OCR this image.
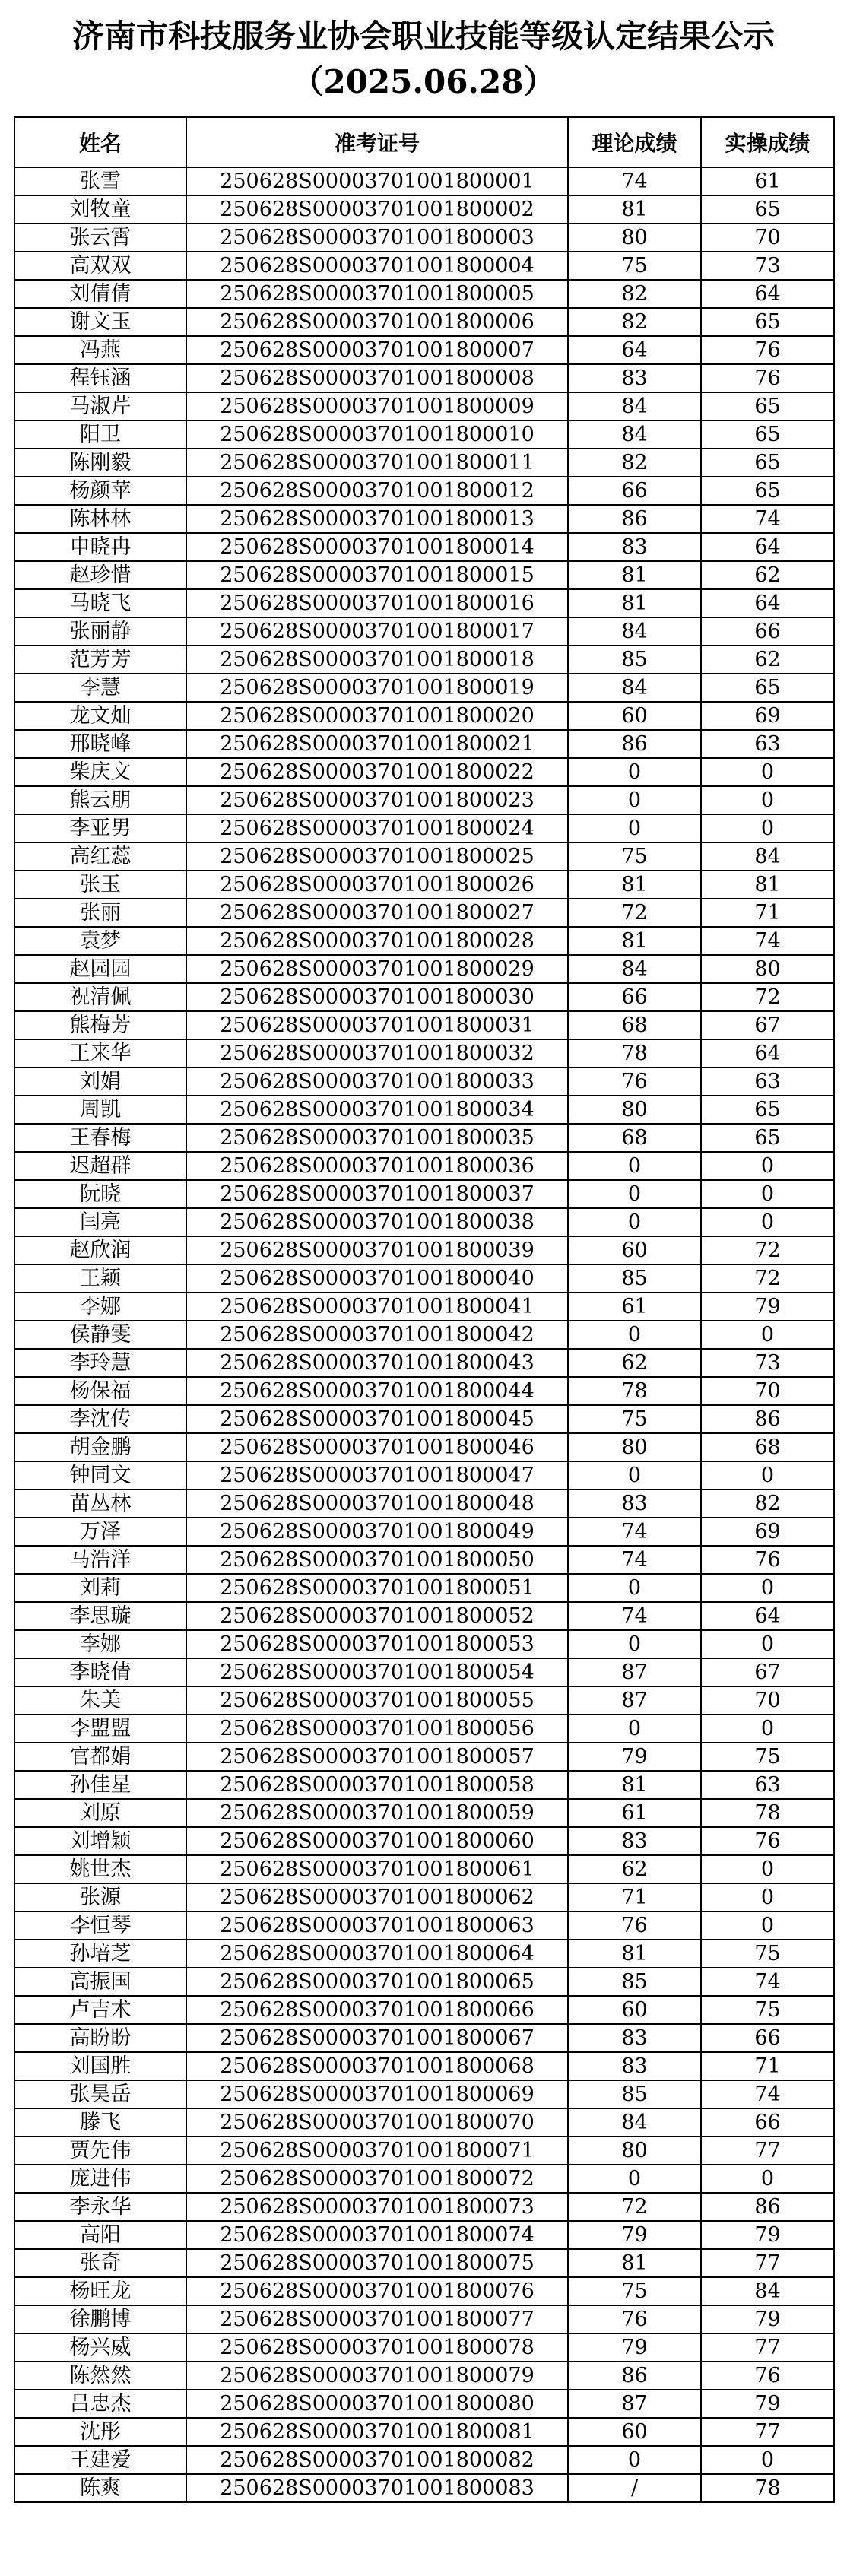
济南市科技服务业协会职业技能等级认定结果公示
（2025.06.28）
姓名	准考证号	理论成绩	实操成绩
张雪	250628S00003701001800001	74	61
刘牧童	250628S00003701001800002	81	65
张云霄	250628S00003701001800003	80	70
高双双	250628S00003701001800004	75	73
刘倩倩	250628S00003701001800005	82	64
谢文玉	250628S00003701001800006	82	65
冯燕	250628S00003701001800007	64	76
程钰涵	250628S00003701001800008	83	76
马淑芹	250628S00003701001800009	84	65
阳卫	250628S00003701001800010	84	65
陈刚毅	250628S00003701001800011	82	65
杨颜苹	250628S00003701001800012	66	65
陈林林	250628S00003701001800013	86	74
申晓冉	250628S00003701001800014	83	64
赵珍惜	250628S00003701001800015	81	62
马晓飞	250628S00003701001800016	81	64
张丽静	250628S00003701001800017	84	66
范芳芳	250628S00003701001800018	85	62
李慧	250628S00003701001800019	84	65
龙文灿	250628S00003701001800020	60	69
邢晓峰	250628S00003701001800021	86	63
柴庆文	250628S00003701001800022	0	0
熊云朋	250628S00003701001800023	0	0
李亚男	250628S00003701001800024	0	0
高红蕊	250628S00003701001800025	75	84
张玉	250628S00003701001800026	81	81
张丽	250628S00003701001800027	72	71
袁梦	250628S00003701001800028	81	74
赵园园	250628S00003701001800029	84	80
祝清佩	250628S00003701001800030	66	72
熊梅芳	250628S00003701001800031	68	67
王来华	250628S00003701001800032	78	64
刘娟	250628S00003701001800033	76	63
周凯	250628S00003701001800034	80	65
王春梅	250628S00003701001800035	68	65
迟超群	250628S00003701001800036	0	0
阮晓	250628S00003701001800037	0	0
闫亮	250628S00003701001800038	0	0
赵欣润	250628S00003701001800039	60	72
王颖	250628S00003701001800040	85	72
李娜	250628S00003701001800041	61	79
侯静雯	250628S00003701001800042	0	0
李玲慧	250628S00003701001800043	62	73
杨保福	250628S00003701001800044	78	70
李沈传	250628S00003701001800045	75	86
胡金鹏	250628S00003701001800046	80	68
钟同文	250628S00003701001800047	0	0
苗丛林	250628S00003701001800048	83	82
万泽	250628S00003701001800049	74	69
马浩洋	250628S00003701001800050	74	76
刘莉	250628S00003701001800051	0	0
李思璇	250628S00003701001800052	74	64
李娜	250628S00003701001800053	0	0
李晓倩	250628S00003701001800054	87	67
朱美	250628S00003701001800055	87	70
李盟盟	250628S00003701001800056	0	0
官都娟	250628S00003701001800057	79	75
孙佳星	250628S00003701001800058	81	63
刘原	250628S00003701001800059	61	78
刘增颖	250628S00003701001800060	83	76
姚世杰	250628S00003701001800061	62	0
张源	250628S00003701001800062	71	0
李恒琴	250628S00003701001800063	76	0
孙培芝	250628S00003701001800064	81	75
高振国	250628S00003701001800065	85	74
卢吉术	250628S00003701001800066	60	75
高盼盼	250628S00003701001800067	83	66
刘国胜	250628S00003701001800068	83	71
张昊岳	250628S00003701001800069	85	74
滕飞	250628S00003701001800070	84	66
贾先伟	250628S00003701001800071	80	77
庞进伟	250628S00003701001800072	0	0
李永华	250628S00003701001800073	72	86
高阳	250628S00003701001800074	79	79
张奇	250628S00003701001800075	81	77
杨旺龙	250628S00003701001800076	75	84
徐鹏博	250628S00003701001800077	76	79
杨兴威	250628S00003701001800078	79	77
陈然然	250628S00003701001800079	86	76
吕忠杰	250628S00003701001800080	87	79
沈彤	250628S00003701001800081	60	77
王建爱	250628S00003701001800082	0	0
陈爽	250628S00003701001800083	/	78
